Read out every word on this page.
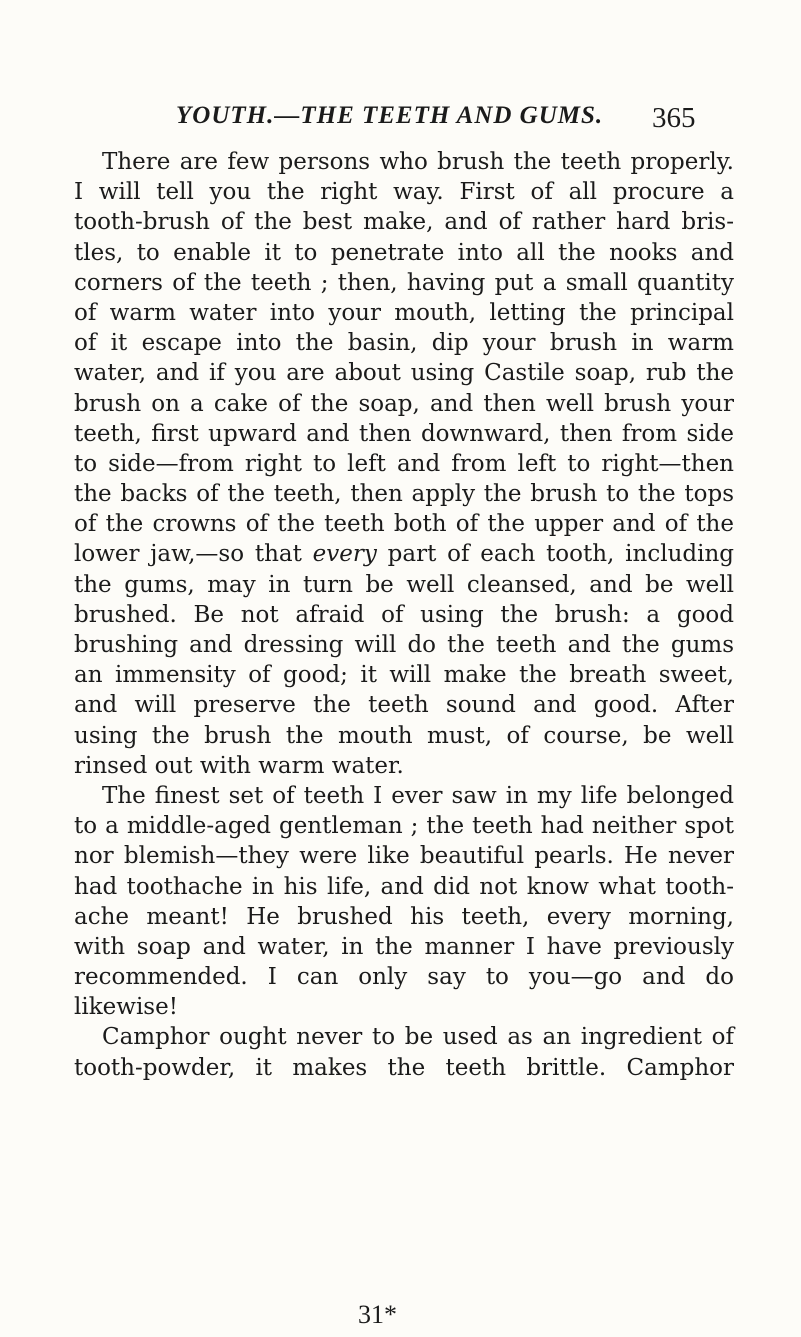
YOUTH.—THE TEETH AND GUMS. 365
There are few persons who brush the teeth properly.
I will tell you the right way. First of all procure a
tooth-brush of the best make, and of rather hard bris-
tles, to enable it to penetrate into all the nooks and
corners of the teeth ; then, having put a small quantity
of warm water into your mouth, letting the principal
of it escape into the basin, dip your brush in warm
water, and if you are about using Castile soap, rub the
brush on a cake of the soap, and then well brush your
teeth, first upward and then downward, then from side
to side—from right to left and from left to right—then
the backs of the teeth, then apply the brush to the tops
of the crowns of the teeth both of the upper and of the
lower jaw,—so that every part of each tooth, including
the gums, may in turn be well cleansed, and be well
brushed. Be not afraid of using the brush: a good
brushing and dressing will do the teeth and the gums
an immensity of good; it will make the breath sweet,
and will preserve the teeth sound and good. After
using the brush the mouth must, of course, be well
rinsed out with warm water.
The finest set of teeth I ever saw in my life belonged
to a middle-aged gentleman ; the teeth had neither spot
nor blemish—they were like beautiful pearls. He never
had toothache in his life, and did not know what tooth-
ache meant! He brushed his teeth, every morning,
with soap and water, in the manner I have previously
recommended. I can only say to you—go and do
likewise!
Camphor ought never to be used as an ingredient of
tooth-powder, it makes the teeth brittle. Camphor
31*
